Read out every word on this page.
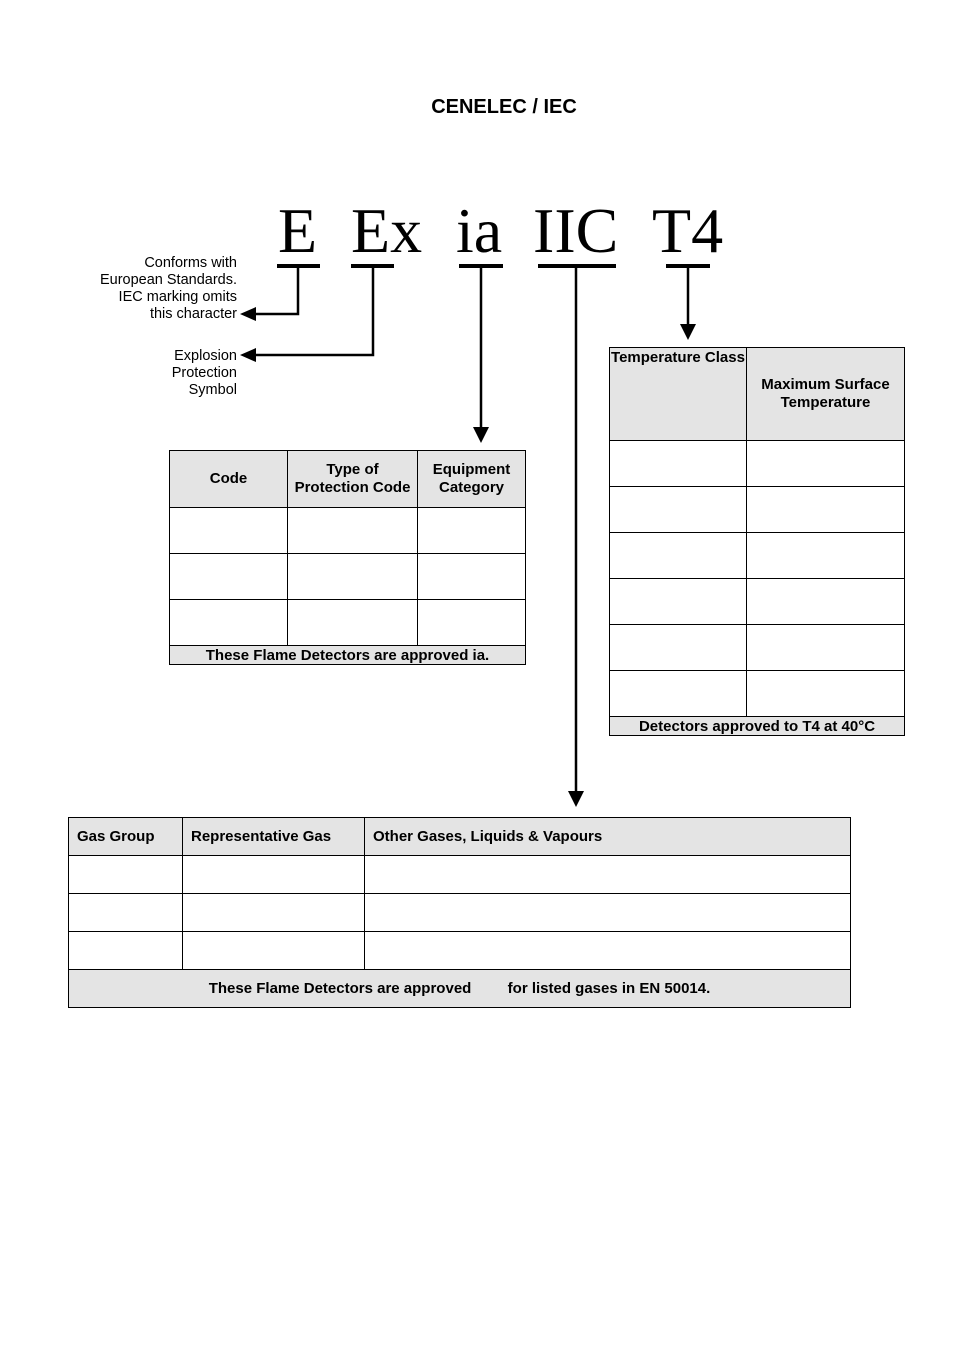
CENELEC / IEC
E Ex ia IIC T4
Conforms with
European Standards.
IEC marking omits
this character
Explosion
Protection
Symbol
Code	Type of Protection Code	Equipment Category

These Flame Detectors are approved ia.		
Temperature Class	Maximum Surface Temperature

Detectors approved to T4 at 40°C	
Gas Group	Representative Gas	Other Gases, Liquids & Vapours

These Flame Detectors are approved for listed gases in EN 50014.		
